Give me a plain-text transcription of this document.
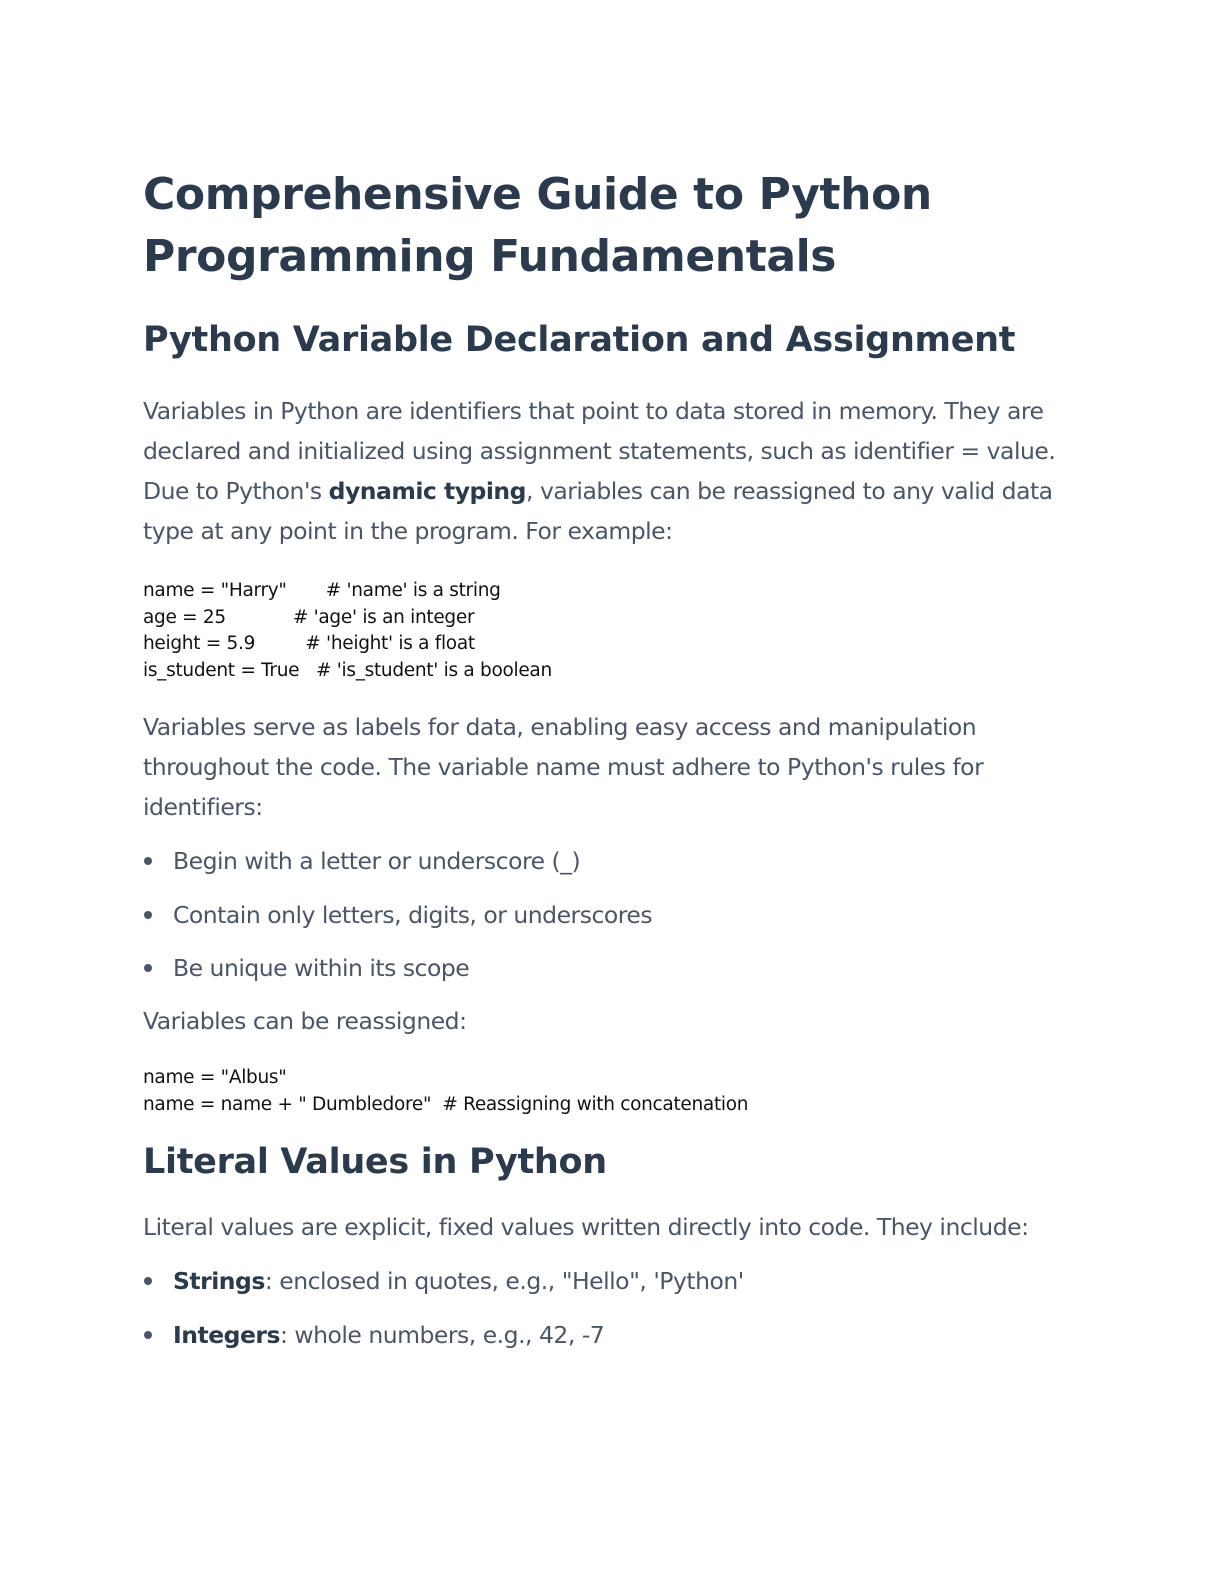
Comprehensive Guide to Python Programming Fundamentals
Python Variable Declaration and Assignment

Variables in Python are identifiers that point to data stored in memory. They are declared and initialized using assignment statements, such as identifier = value. Due to Python's dynamic typing, variables can be reassigned to any valid data type at any point in the program. For example:

name = "Harry"       # 'name' is a string
age = 25            # 'age' is an integer
height = 5.9         # 'height' is a float
is_student = True   # 'is_student' is a boolean

Variables serve as labels for data, enabling easy access and manipulation throughout the code. The variable name must adhere to Python's rules for identifiers:

Begin with a letter or underscore (_)
Contain only letters, digits, or underscores
Be unique within its scope

Variables can be reassigned:

name = "Albus"
name = name + " Dumbledore"  # Reassigning with concatenation
Literal Values in Python

Literal values are explicit, fixed values written directly into code. They include:

Strings: enclosed in quotes, e.g., "Hello", 'Python'
Integers: whole numbers, e.g., 42, -7
